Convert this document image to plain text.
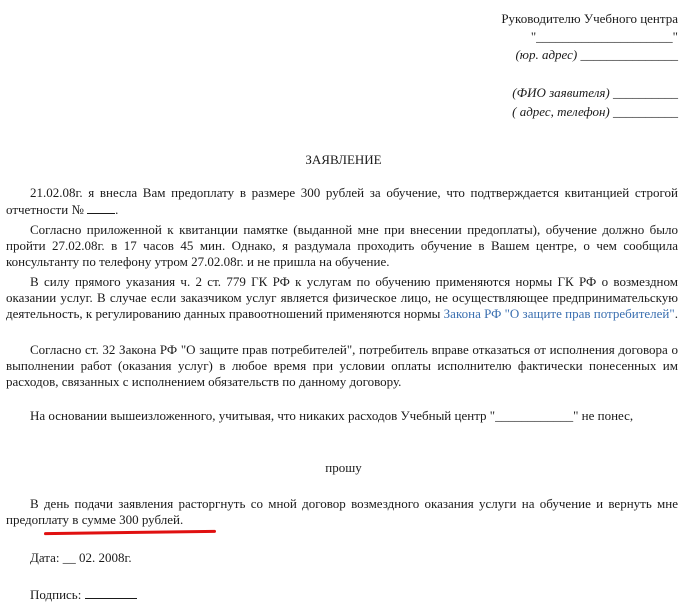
Руководителю Учебного центра
"_____________________"
(юр. адрес) _______________
(ФИО заявителя) __________
( адрес, телефон) __________
ЗАЯВЛЕНИЕ
21.02.08г. я внесла Вам предоплату в размере 300 рублей за обучение, что подтверждается квитанцией строгой отчетности № .
Согласно приложенной к квитанции памятке (выданной мне при внесении предоплаты), обучение должно было пройти 27.02.08г. в 17 часов 45 мин. Однако, я раздумала проходить обучение в Вашем центре, о чем сообщила консультанту по телефону утром 27.02.08г. и не пришла на обучение.
В силу прямого указания ч. 2 ст. 779 ГК РФ к услугам по обучению применяются нормы ГК РФ о возмездном оказании услуг. В случае если заказчиком услуг является физическое лицо, не осуществляющее предпринимательскую деятельность, к регулированию данных правоотношений применяются нормы Закона РФ "О защите прав потребителей".
Согласно ст. 32 Закона РФ "О защите прав потребителей", потребитель вправе отказаться от исполнения договора о выполнении работ (оказания услуг) в любое время при условии оплаты исполнителю фактически понесенных им расходов, связанных с исполнением обязательств по данному договору.
На основании вышеизложенного, учитывая, что никаких расходов Учебный центр "____________" не понес,
прошу
В день подачи заявления расторгнуть со мной договор возмездного оказания услуги на обучение и вернуть мне предоплату в сумме 300 рублей.
Дата: __ 02. 2008г.
Подпись:
